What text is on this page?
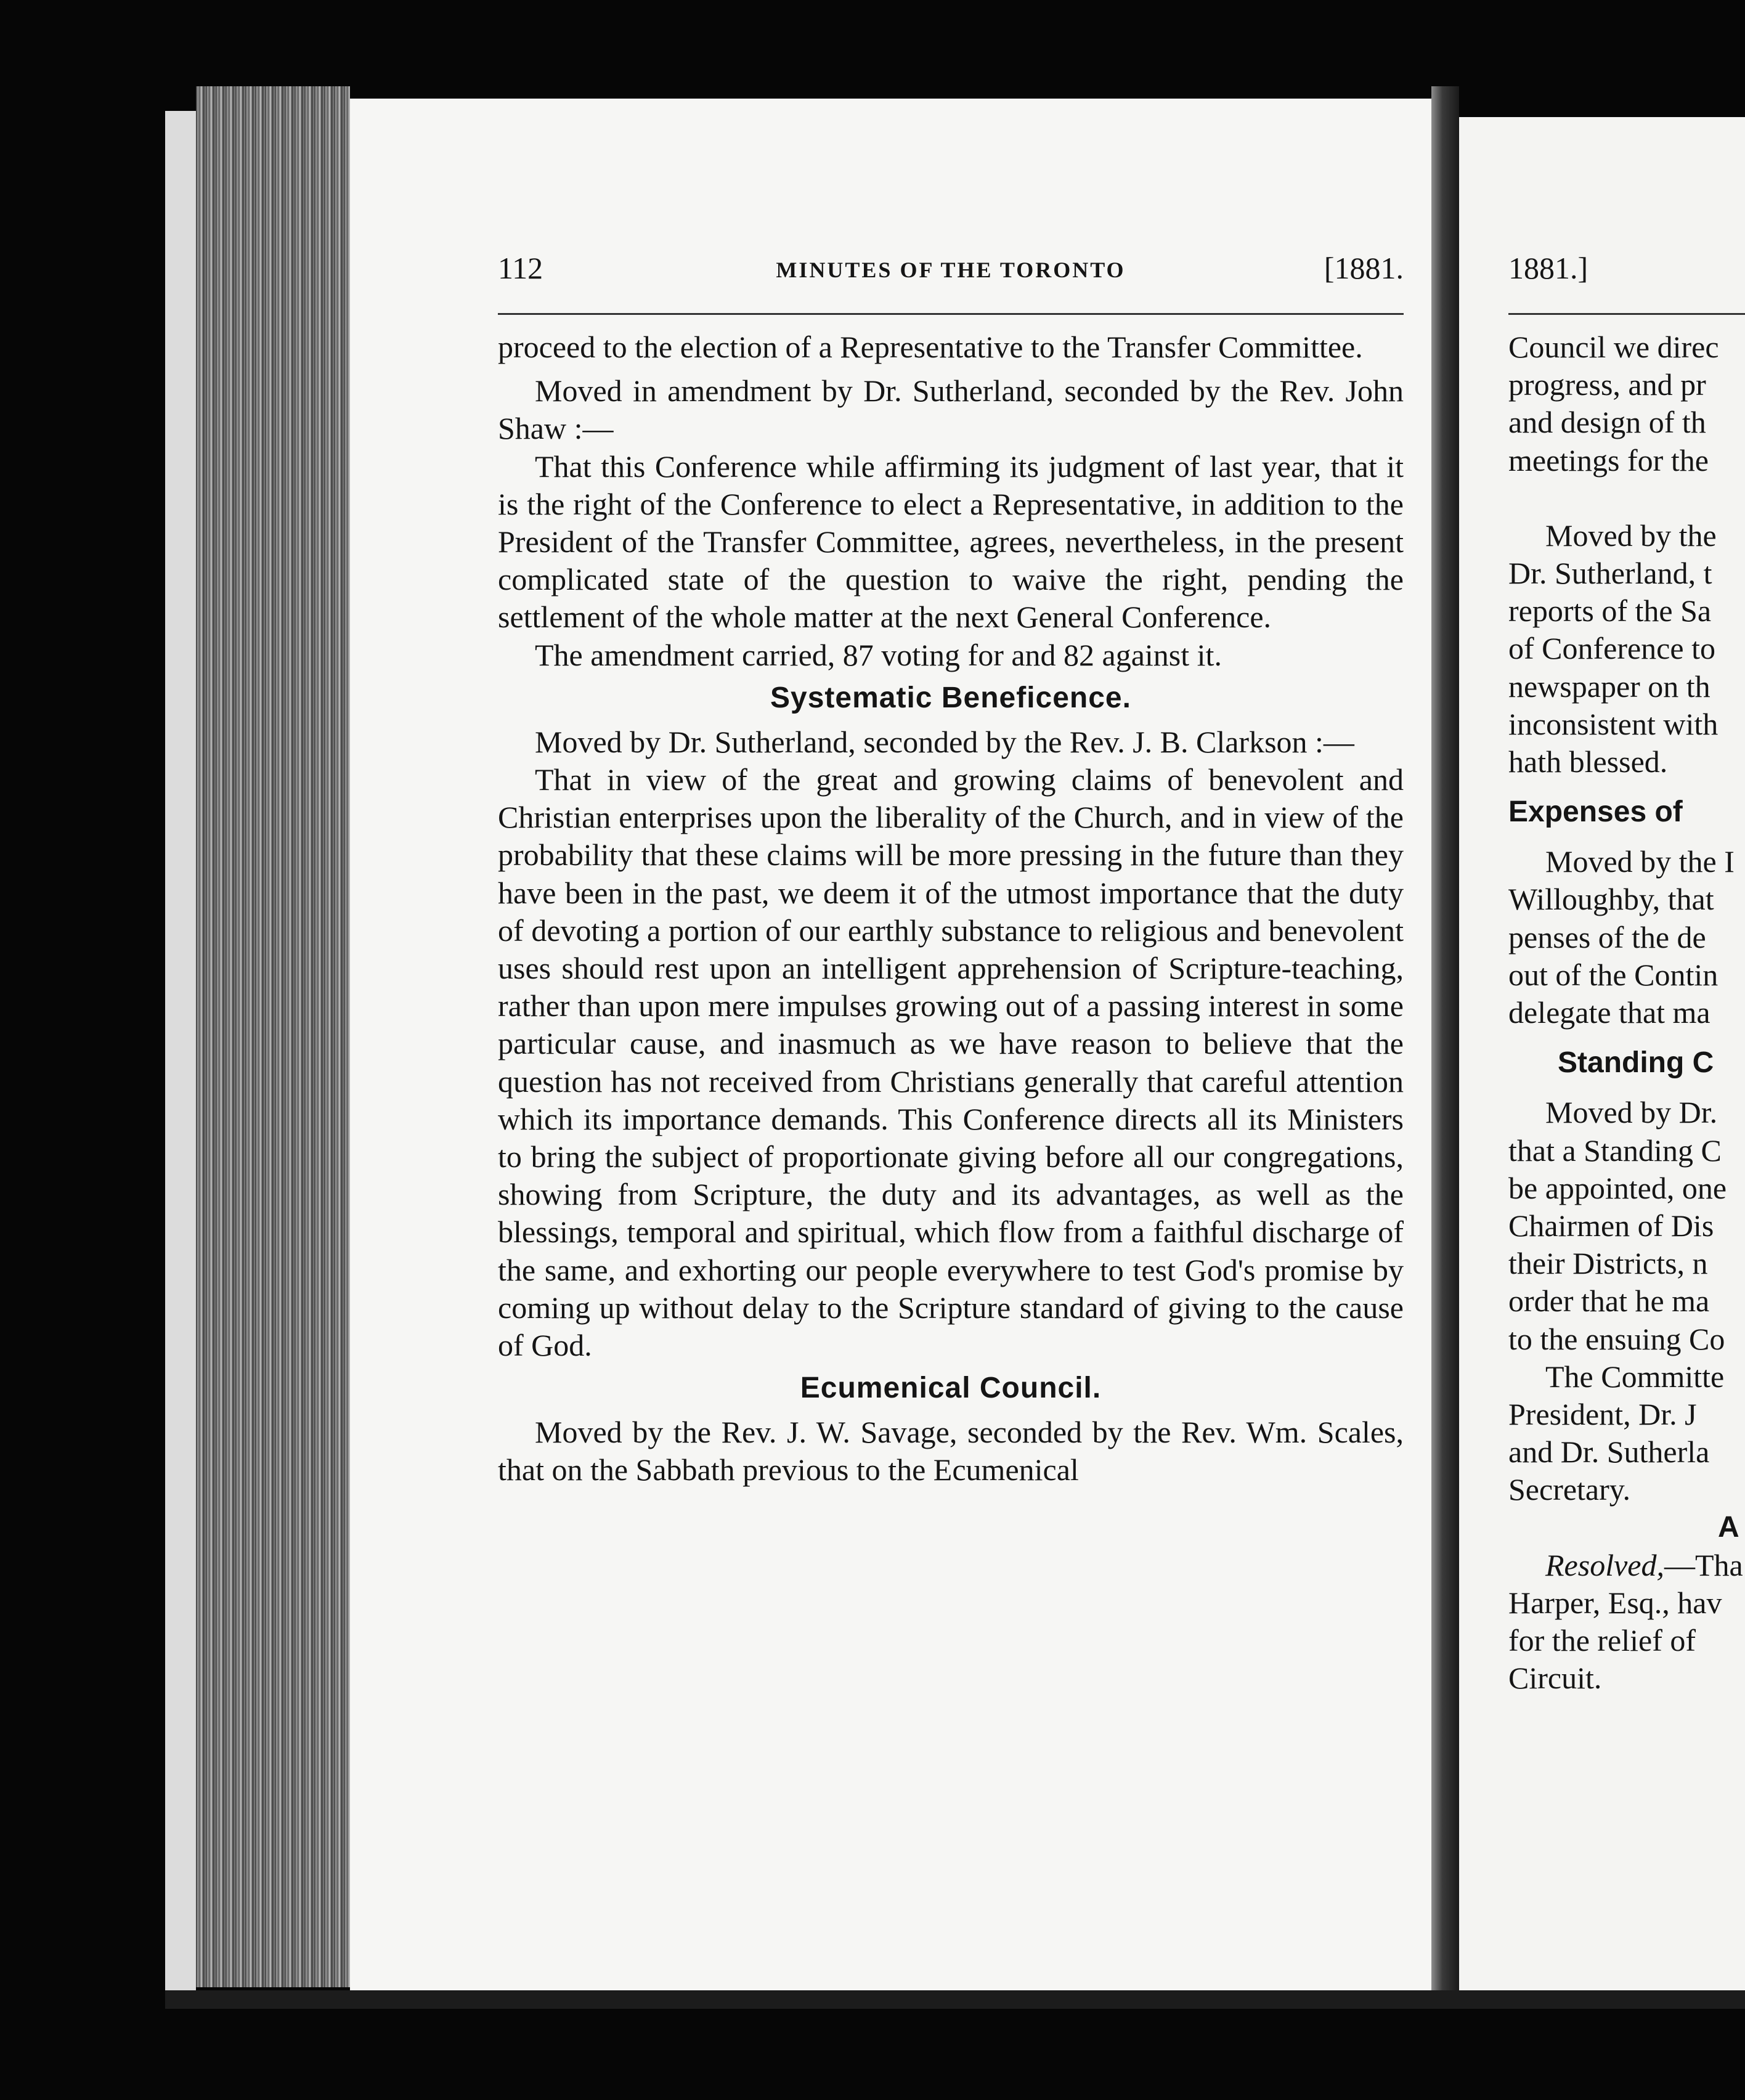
112	MINUTES OF THE TORONTO	[1881.

proceed to the election of a Representative to the Transfer Committee.

Moved in amendment by Dr. Sutherland, seconded by the Rev. John Shaw :—

That this Conference while affirming its judgment of last year, that it is the right of the Conference to elect a Representative, in addition to the President of the Transfer Committee, agrees, nevertheless, in the present complicated state of the question to waive the right, pending the settlement of the whole matter at the next General Conference.

The amendment carried, 87 voting for and 82 against it.

Systematic Beneficence.

Moved by Dr. Sutherland, seconded by the Rev. J. B. Clarkson :—

That in view of the great and growing claims of benevolent and Christian enterprises upon the liberality of the Church, and in view of the probability that these claims will be more pressing in the future than they have been in the past, we deem it of the utmost importance that the duty of devoting a portion of our earthly substance to religious and benevolent uses should rest upon an intelligent apprehension of Scripture-teaching, rather than upon mere impulses growing out of a passing interest in some particular cause, and inasmuch as we have reason to believe that the question has not received from Christians generally that careful attention which its importance demands. This Conference directs all its Ministers to bring the subject of proportionate giving before all our congregations, showing from Scripture, the duty and its advantages, as well as the blessings, temporal and spiritual, which flow from a faithful discharge of the same, and exhorting our people everywhere to test God's promise by coming up without delay to the Scripture standard of giving to the cause of God.

Ecumenical Council.

Moved by the Rev. J. W. Savage, seconded by the Rev. Wm. Scales, that on the Sabbath previous to the Ecumenical

1881.]
Council we direc
progress, and pr
and design of th
meetings for the
Moved by the
Dr. Sutherland, t
reports of the Sa
of Conference to
newspaper on th
inconsistent with
hath blessed.
Expenses of
Moved by the I
Willoughby, that
penses of the de
out of the Contin
delegate that ma
Standing C
Moved by Dr.
that a Standing C
be appointed, one
Chairmen of Dis
their Districts, n
order that he ma
to the ensuing Co
The Committe
President, Dr. J
and Dr. Sutherla
Secretary.
A
Resolved,—Tha
Harper, Esq., hav
for the relief of
Circuit.
